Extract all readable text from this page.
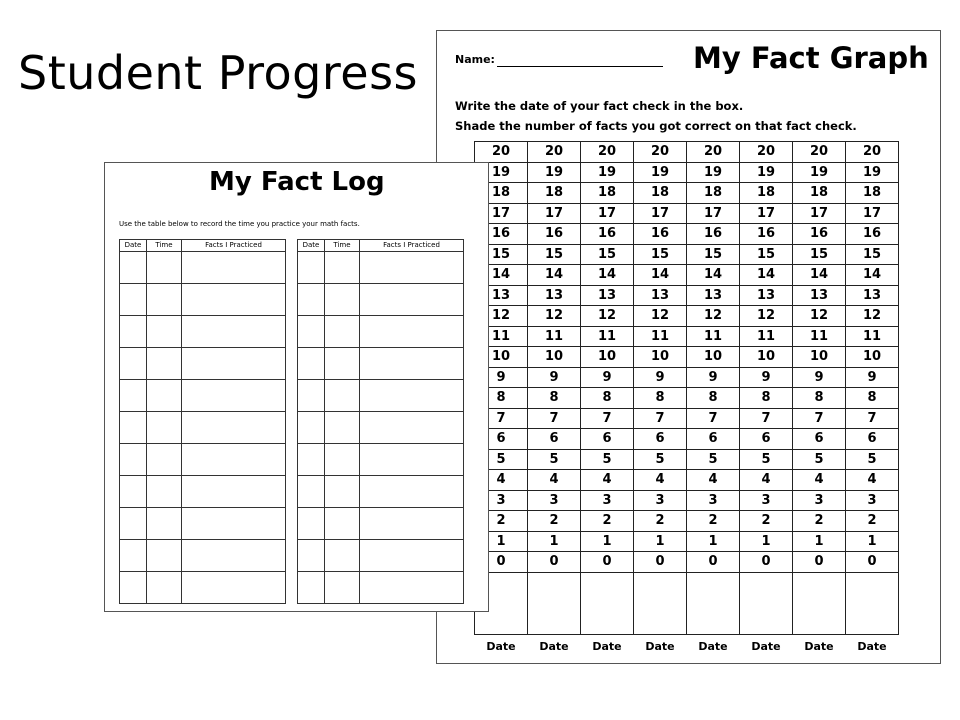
Student Progress	Name:	My Fact Graph
Write the date of your fact check in the box.
Shade the number of facts you got correct on that fact check.
20	20	20	20	20	20	20	20
19	19	19	19	19	19	19	19
18	18	18	18	18	18	18	18
17	17	17	17	17	17	17	17
16	16	16	16	16	16	16	16
15	15	15	15	15	15	15	15
14	14	14	14	14	14	14	14
13	13	13	13	13	13	13	13
12	12	12	12	12	12	12	12
11	11	11	11	11	11	11	11
10	10	10	10	10	10	10	10
9	9	9	9	9	9	9	9
8	8	8	8	8	8	8	8
7	7	7	7	7	7	7	7
6	6	6	6	6	6	6	6
5	5	5	5	5	5	5	5
4	4	4	4	4	4	4	4
3	3	3	3	3	3	3	3
2	2	2	2	2	2	2	2
1	1	1	1	1	1	1	1
0	0	0	0	0	0	0	0

Date	Date	Date	Date	Date	Date	Date	Date
My Fact Log
Use the table below to record the time you practice your math facts.
Date	Time	Facts I Practiced

			Date	Time	Facts I Practiced
